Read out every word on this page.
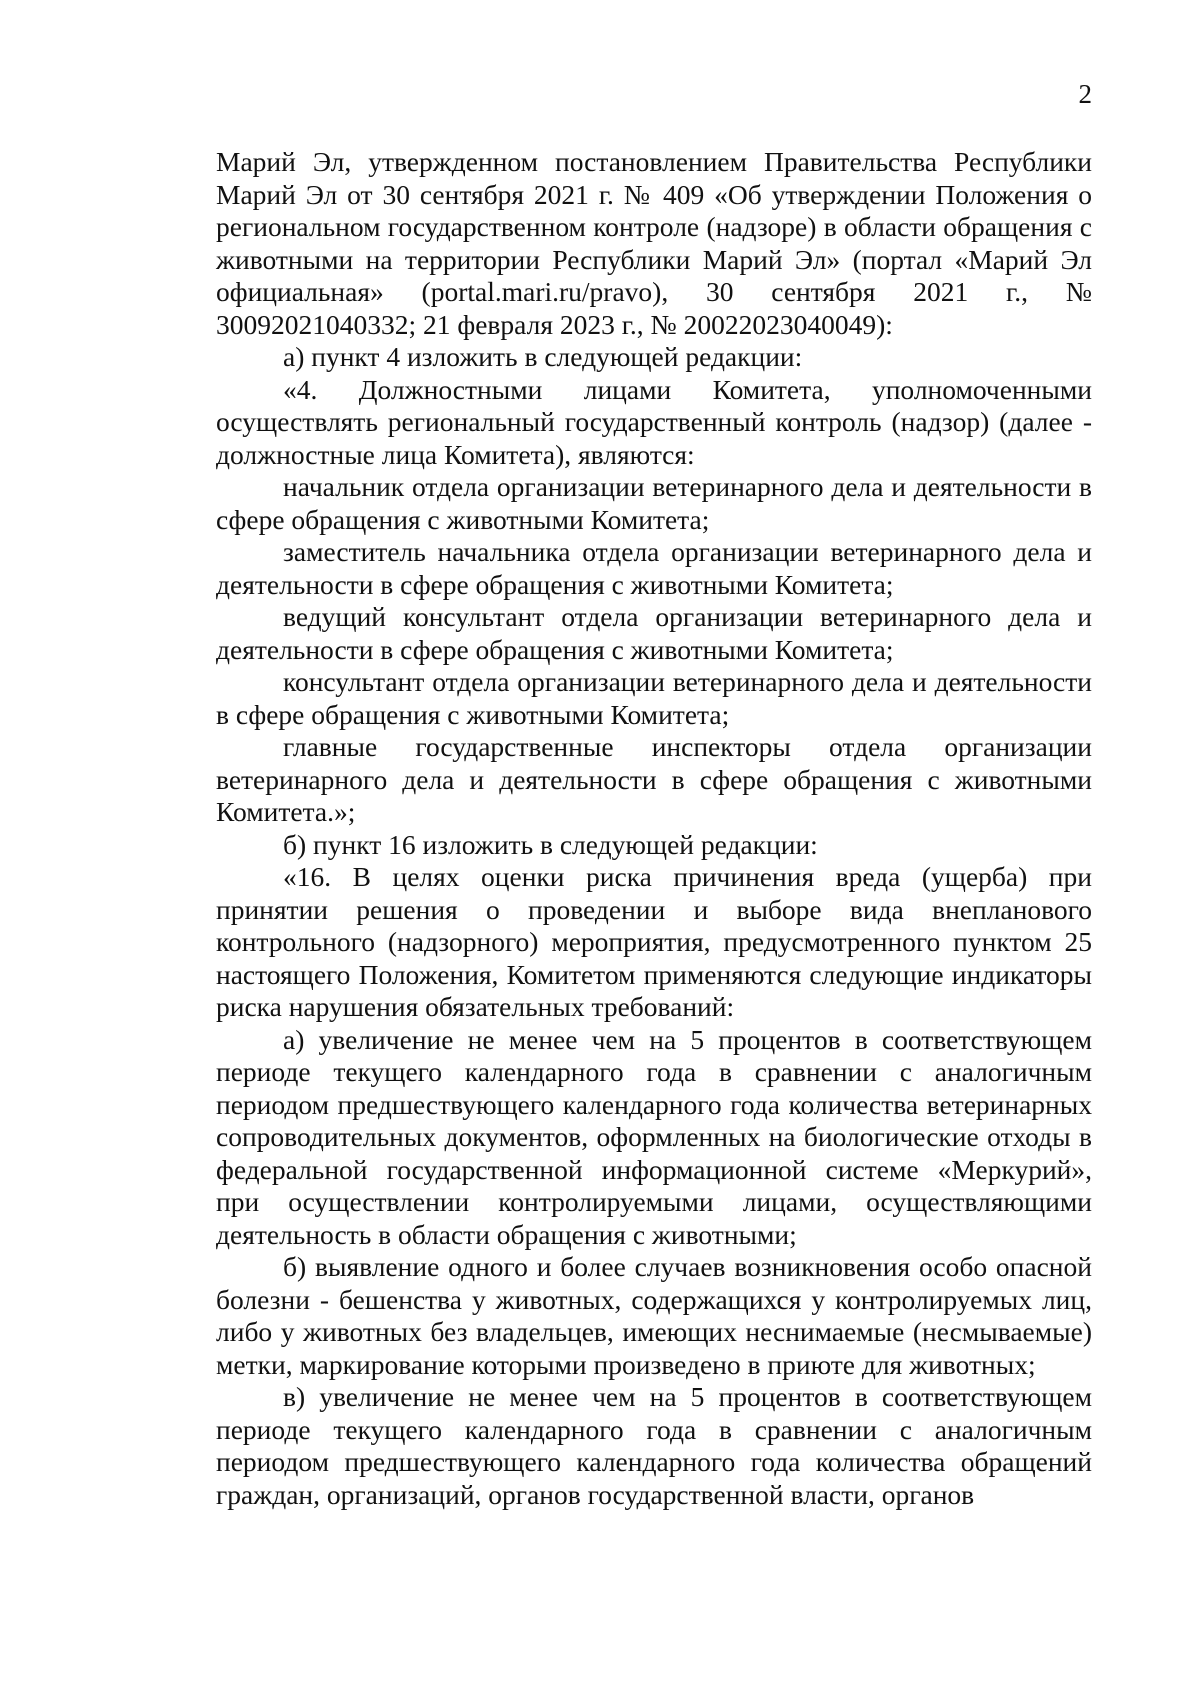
2

Марий Эл, утвержденном постановлением Правительства Республики Марий Эл от 30 сентября 2021 г. № 409 «Об утверждении Положения о региональном государственном контроле (надзоре) в области обращения с животными на территории Республики Марий Эл» (портал «Марий Эл официальная» (portal.mari.ru/pravo), 30 сентября 2021 г., № 30092021040332; 21 февраля 2023 г., № 20022023040049):

а) пункт 4 изложить в следующей редакции:

«4. Должностными лицами Комитета, уполномоченными осуществлять региональный государственный контроль (надзор) (далее - должностные лица Комитета), являются:

начальник отдела организации ветеринарного дела и деятельности в сфере обращения с животными Комитета;

заместитель начальника отдела организации ветеринарного дела и деятельности в сфере обращения с животными Комитета;

ведущий консультант отдела организации ветеринарного дела и деятельности в сфере обращения с животными Комитета;

консультант отдела организации ветеринарного дела и деятельности в сфере обращения с животными Комитета;

главные государственные инспекторы отдела организации ветеринарного дела и деятельности в сфере обращения с животными Комитета.»;

б) пункт 16 изложить в следующей редакции:

«16. В целях оценки риска причинения вреда (ущерба) при принятии решения о проведении и выборе вида внепланового контрольного (надзорного) мероприятия, предусмотренного пунктом 25 настоящего Положения, Комитетом применяются следующие индикаторы риска нарушения обязательных требований:

а) увеличение не менее чем на 5 процентов в соответствующем периоде текущего календарного года в сравнении с аналогичным периодом предшествующего календарного года количества ветеринарных сопроводительных документов, оформленных на биологические отходы в федеральной государственной информационной системе «Меркурий», при осуществлении контролируемыми лицами, осуществляющими деятельность в области обращения с животными;

б) выявление одного и более случаев возникновения особо опасной болезни - бешенства у животных, содержащихся у контролируемых лиц, либо у животных без владельцев, имеющих неснимаемые (несмываемые) метки, маркирование которыми произведено в приюте для животных;

в) увеличение не менее чем на 5 процентов в соответствующем периоде текущего календарного года в сравнении с аналогичным периодом предшествующего календарного года количества обращений граждан, организаций, органов государственной власти, органов
